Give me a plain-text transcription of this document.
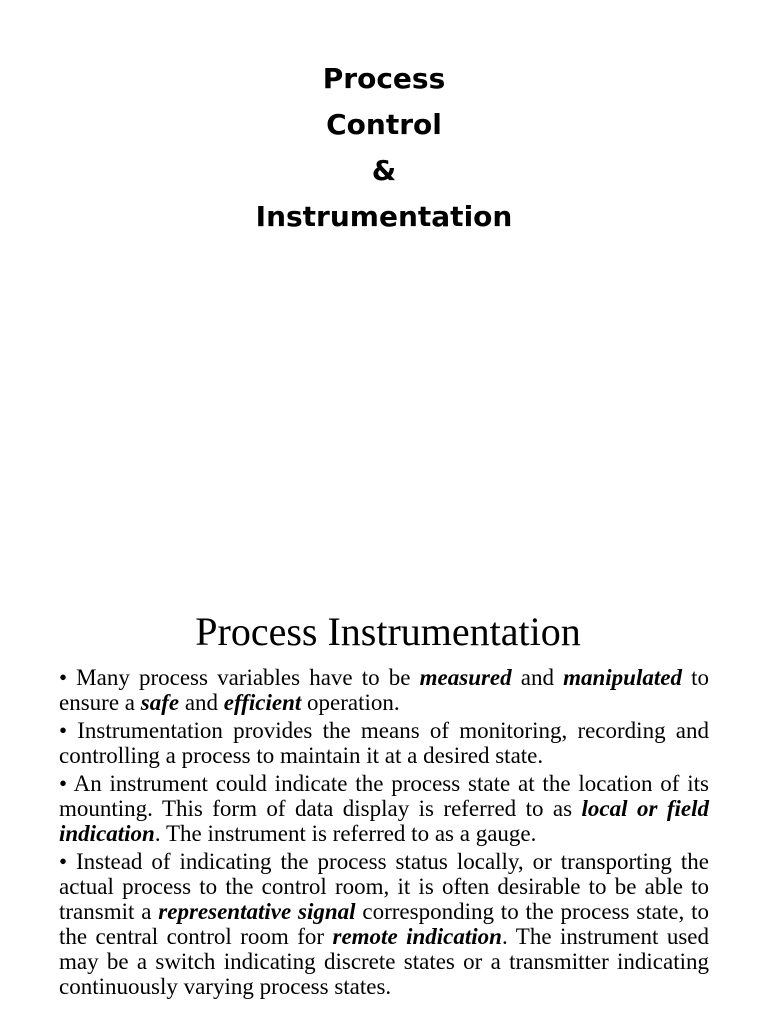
Process
Control
&
Instrumentation
Process Instrumentation

• Many process variables have to be measured and manipulated to ensure a safe and efficient operation.

• Instrumentation provides the means of monitoring, recording and controlling a process to maintain it at a desired state.

• An instrument could indicate the process state at the location of its mounting. This form of data display is referred to as local or field indication. The instrument is referred to as a gauge.

• Instead of indicating the process status locally, or transporting the actual process to the control room, it is often desirable to be able to transmit a representative signal corresponding to the process state, to the central control room for remote indication. The instrument used may be a switch indicating discrete states or a transmitter indicating continuously varying process states.
